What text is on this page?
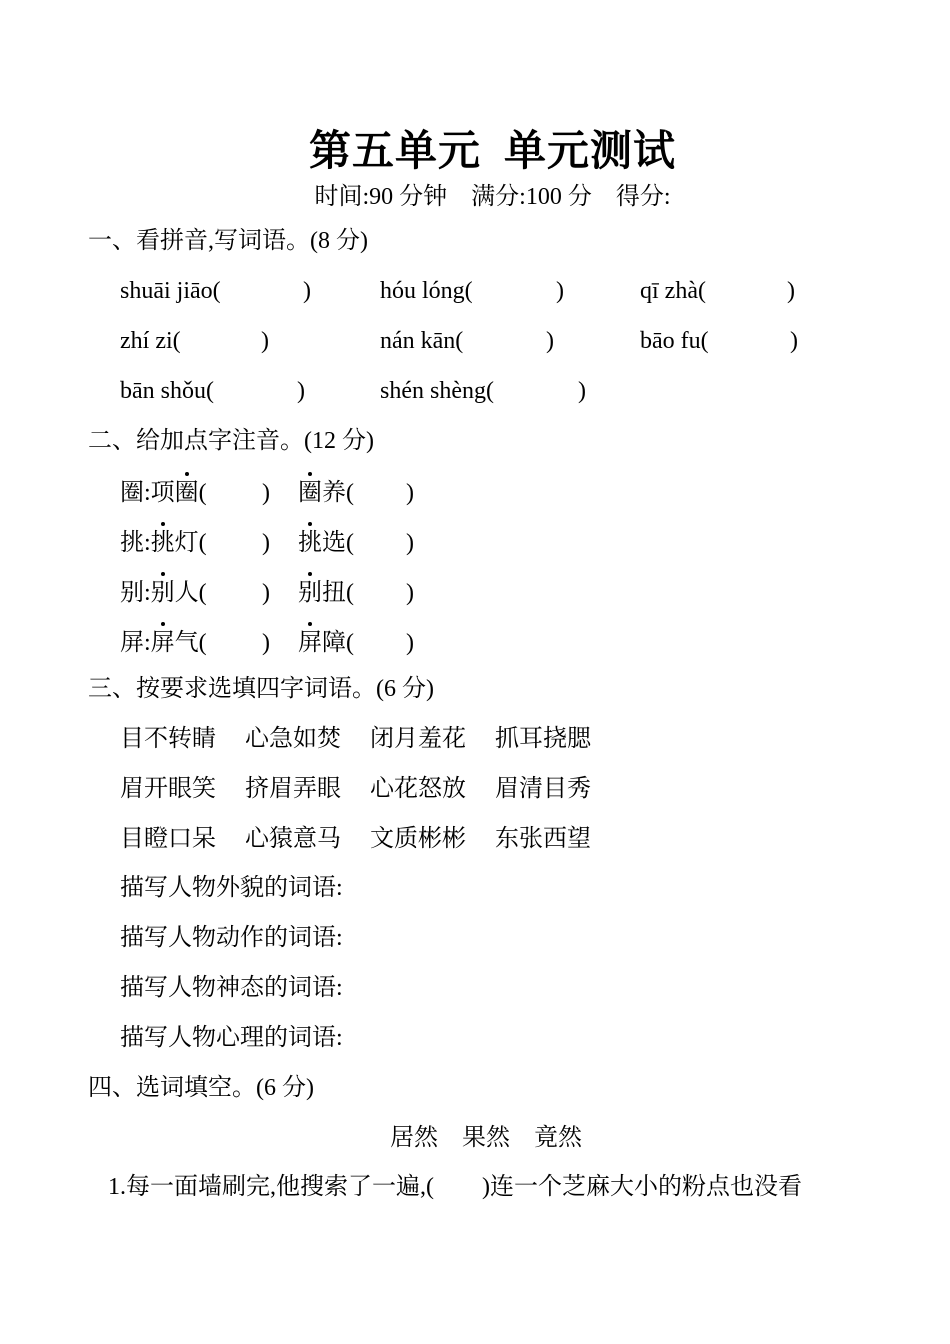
第五单元  单元测试
时间:90 分钟    满分:100 分    得分:
一、看拼音,写词语。(8 分)
shuāi jiāo(	)	hóu lóng(	)	qī zhà(	)
zhí zi(	)	nán kān(	)	bāo fu(	)
bān shǒu(	)	shén shèng(	)
二、给加点字注音。(12 分)
圈:项圈( ) 圈养( )
挑:挑灯( ) 挑选( )
别:别人( ) 别扭( )
屏:屏气( ) 屏障( )
三、按要求选填四字词语。(6 分)
目不转睛 心急如焚 闭月羞花 抓耳挠腮
眉开眼笑 挤眉弄眼 心花怒放 眉清目秀
目瞪口呆 心猿意马 文质彬彬 东张西望
描写人物外貌的词语:
描写人物动作的词语:
描写人物神态的词语:
描写人物心理的词语:
四、选词填空。(6 分)
居然    果然    竟然
1.每一面墙刷完,他搜索了一遍,(        )连一个芝麻大小的粉点也没看
